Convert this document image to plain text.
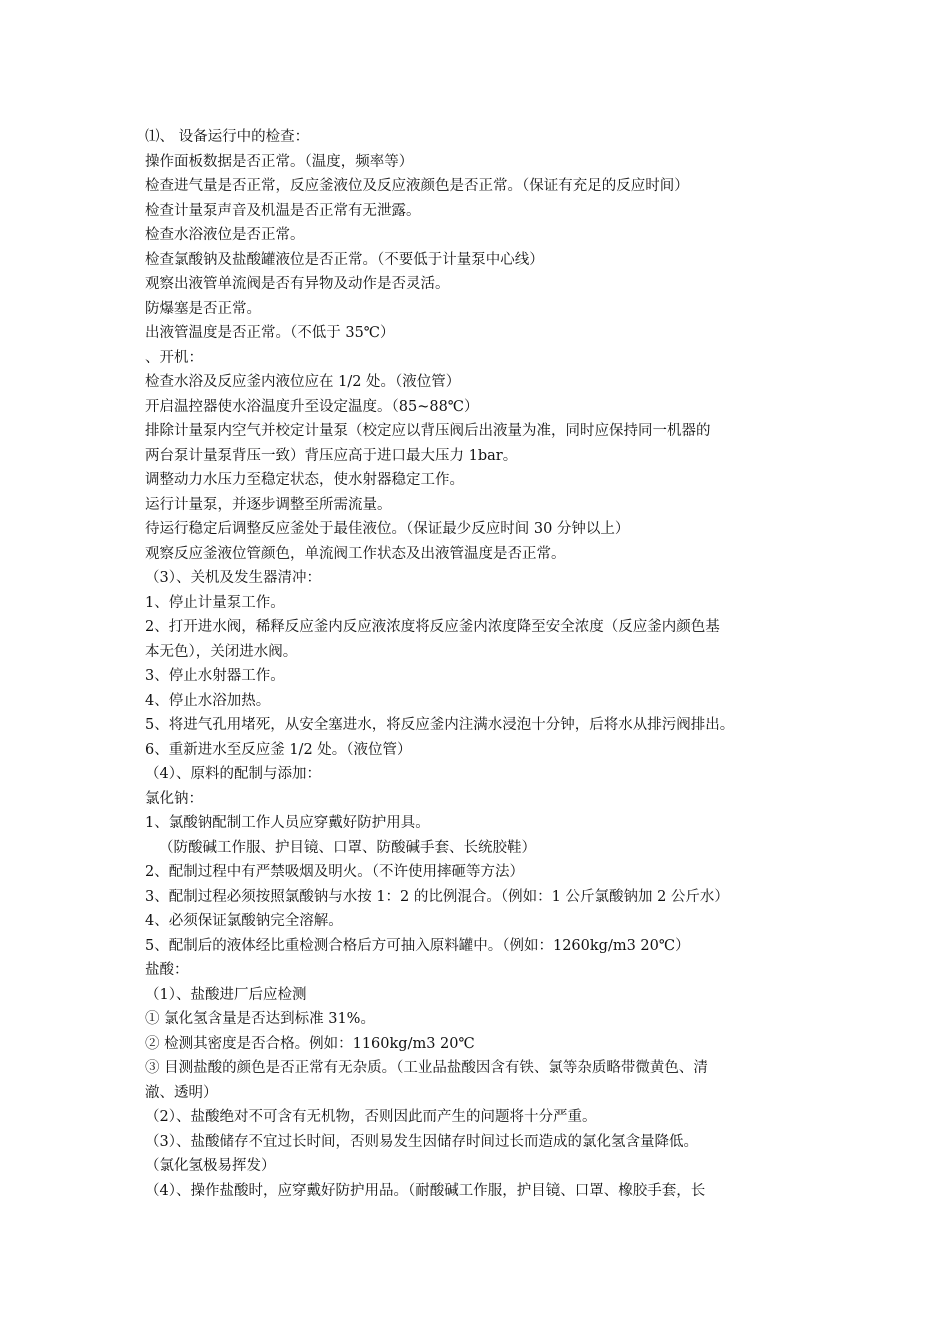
⑴、 设备运行中的检查：
操作面板数据是否正常。（温度，频率等）
检查进气量是否正常，反应釜液位及反应液颜色是否正常。（保证有充足的反应时间）
检查计量泵声音及机温是否正常有无泄露。
检查水浴液位是否正常。
检查氯酸钠及盐酸罐液位是否正常。（不要低于计量泵中心线）
观察出液管单流阀是否有异物及动作是否灵活。
防爆塞是否正常。
出液管温度是否正常。（不低于 35℃）
、开机：
检查水浴及反应釜内液位应在 1/2 处。（液位管）
开启温控器使水浴温度升至设定温度。（85~88℃）
排除计量泵内空气并校定计量泵（校定应以背压阀后出液量为准，同时应保持同一机器的
两台泵计量泵背压一致）背压应高于进口最大压力 1bar。
调整动力水压力至稳定状态，使水射器稳定工作。
运行计量泵，并逐步调整至所需流量。
待运行稳定后调整反应釜处于最佳液位。（保证最少反应时间 30 分钟以上）
观察反应釜液位管颜色，单流阀工作状态及出液管温度是否正常。
（3）、关机及发生器清冲：
1、停止计量泵工作。
2、打开进水阀，稀释反应釜内反应液浓度将反应釜内浓度降至安全浓度（反应釜内颜色基
本无色），关闭进水阀。
3、停止水射器工作。
4、停止水浴加热。
5、将进气孔用堵死，从安全塞进水，将反应釜内注满水浸泡十分钟，后将水从排污阀排出。
6、重新进水至反应釜 1/2 处。（液位管）
（4）、原料的配制与添加：
氯化钠：
1、氯酸钠配制工作人员应穿戴好防护用具。
（防酸碱工作服、护目镜、口罩、防酸碱手套、长统胶鞋）
2、配制过程中有严禁吸烟及明火。（不许使用摔砸等方法）
3、配制过程必须按照氯酸钠与水按 1：2 的比例混合。（例如：1 公斤氯酸钠加 2 公斤水）
4、必须保证氯酸钠完全溶解。
5、配制后的液体经比重检测合格后方可抽入原料罐中。（例如：1260kg/m3 20℃）
盐酸：
（1）、盐酸进厂后应检测
① 氯化氢含量是否达到标准 31%。
② 检测其密度是否合格。例如：1160kg/m3 20℃
③ 目测盐酸的颜色是否正常有无杂质。（工业品盐酸因含有铁、氯等杂质略带微黄色、清
澈、透明）
（2）、盐酸绝对不可含有无机物，否则因此而产生的问题将十分严重。
（3）、盐酸储存不宜过长时间，否则易发生因储存时间过长而造成的氯化氢含量降低。
（氯化氢极易挥发）
（4）、操作盐酸时，应穿戴好防护用品。（耐酸碱工作服，护目镜、口罩、橡胶手套，长
